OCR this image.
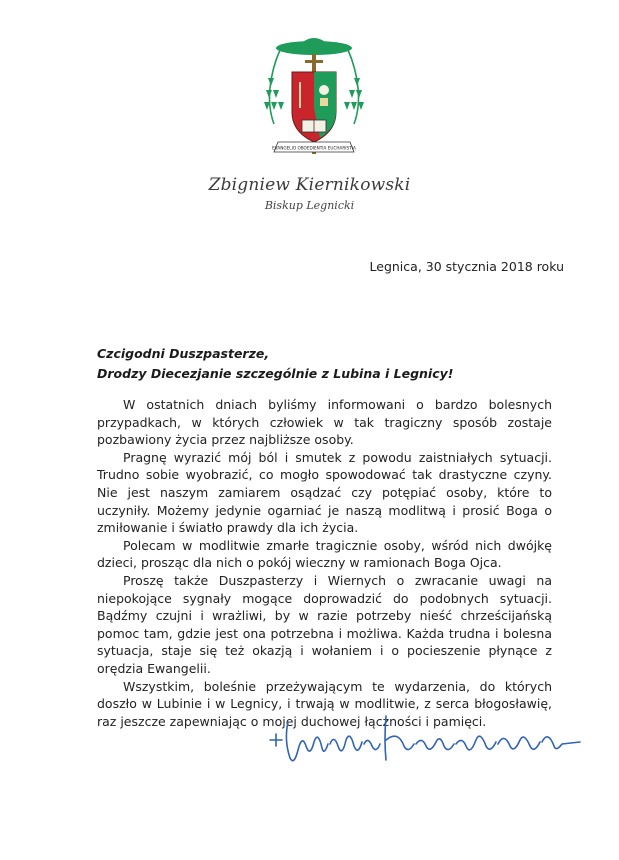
EVANGELIO OBOEDIENTIA EUCHARISTIA
Zbigniew Kiernikowski
Biskup Legnicki
Legnica, 30 stycznia 2018 roku
Czcigodni Duszpasterze,
Drodzy Diecezjanie szczególnie z Lubina i Legnicy!

W ostatnich dniach byliśmy informowani o bardzo bolesnych przypadkach, w których człowiek w tak tragiczny sposób zostaje pozbawiony życia przez najbliższe osoby.

Pragnę wyrazić mój ból i smutek z powodu zaistniałych sytuacji. Trudno sobie wyobrazić, co mogło spowodować tak drastyczne czyny. Nie jest naszym zamiarem osądzać czy potępiać osoby, które to uczyniły. Możemy jedynie ogarniać je naszą modlitwą i prosić Boga o zmiłowanie i światło prawdy dla ich życia.

Polecam w modlitwie zmarłe tragicznie osoby, wśród nich dwójkę dzieci, prosząc dla nich o pokój wieczny w ramionach Boga Ojca.

Proszę także Duszpasterzy i Wiernych o zwracanie uwagi na niepokojące sygnały mogące doprowadzić do podobnych sytuacji. Bądźmy czujni i wrażliwi, by w razie potrzeby nieść chrześcijańską pomoc tam, gdzie jest ona potrzebna i możliwa. Każda trudna i bolesna sytuacja, staje się też okazją i wołaniem i o pocieszenie płynące z orędzia Ewangelii.

Wszystkim, boleśnie przeżywającym te wydarzenia, do których doszło w Lubinie i w Legnicy, i trwają w modlitwie, z serca błogosławię, raz jeszcze zapewniając o mojej duchowej łączności i pamięci.
